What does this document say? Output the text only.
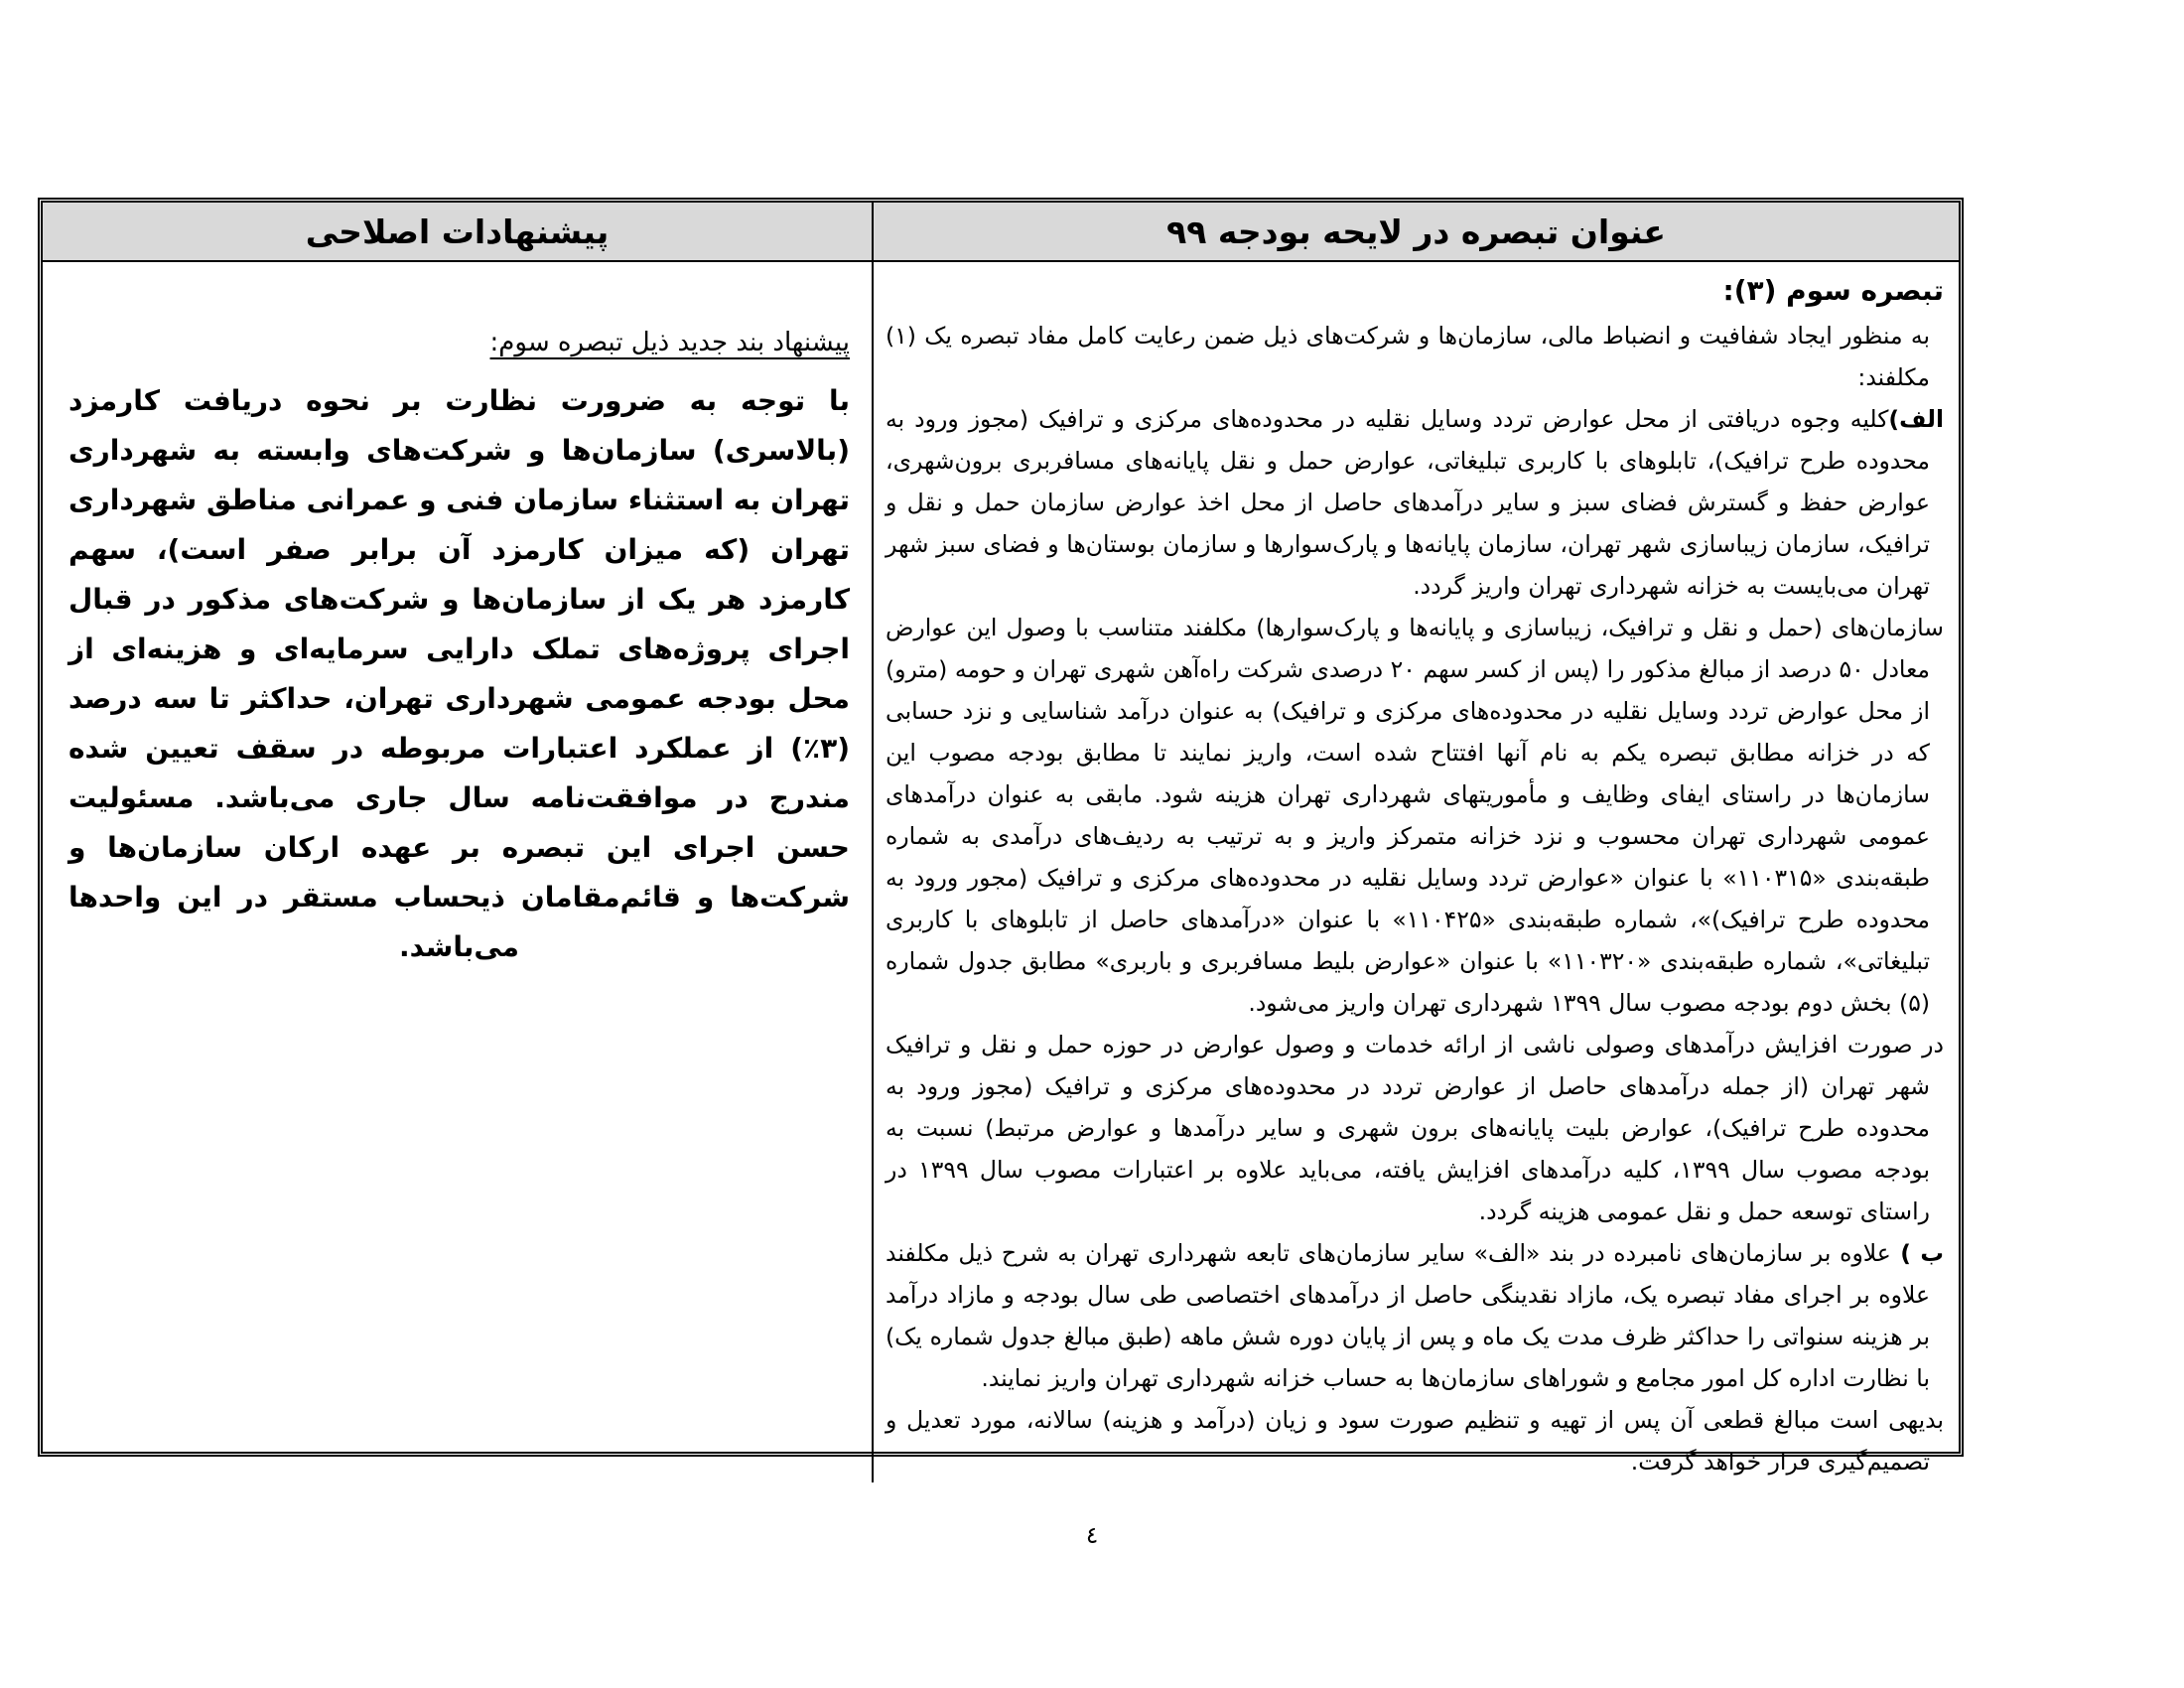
عنوان تبصره در لایحه بودجه ۹۹
پیشنهادات اصلاحی

تبصره سوم (۳):

به منظور ایجاد شفافیت و انضباط مالی، سازمان‌ها و شرکت‌های ذیل ضمن رعایت کامل مفاد تبصره یک (۱) مکلفند:

الف)کلیه وجوه دریافتی از محل عوارض تردد وسایل نقلیه در محدوده‌های مرکزی و ترافیک (مجوز ورود به محدوده طرح ترافیک)، تابلوهای با کاربری تبلیغاتی، عوارض حمل و نقل پایانه‌های مسافربری برون‌شهری، عوارض حفظ و گسترش فضای سبز و سایر درآمدهای حاصل از محل اخذ عوارض سازمان حمل و نقل و ترافیک، سازمان زیباسازی شهر تهران، سازمان پایانه‌ها و پارک‌سوارها و سازمان بوستان‌ها و فضای سبز شهر تهران می‌بایست به خزانه شهرداری تهران واریز گردد.

سازمان‌های (حمل و نقل و ترافیک، زیباسازی و پایانه‌ها و پارک‌سوارها) مکلفند متناسب با وصول این عوارض معادل ۵۰ درصد از مبالغ مذکور را (پس از کسر سهم ۲۰ درصدی شرکت راه‌آهن شهری تهران و حومه (مترو) از محل عوارض تردد وسایل نقلیه در محدوده‌های مرکزی و ترافیک) به عنوان درآمد شناسایی و نزد حسابی که در خزانه مطابق تبصره یکم به نام آنها افتتاح شده است، واریز نمایند تا مطابق بودجه مصوب این سازمان‌ها در راستای ایفای وظایف و مأموریتهای شهرداری تهران هزینه شود. مابقی به عنوان درآمدهای عمومی شهرداری تهران محسوب و نزد خزانه متمرکز واریز و به ترتیب به ردیف‌های درآمدی به شماره طبقه‌بندی «۱۱۰۳۱۵» با عنوان «عوارض تردد وسایل نقلیه در محدوده‌های مرکزی و ترافیک (مجور ورود به محدوده طرح ترافیک)»، شماره طبقه‌بندی «۱۱۰۴۲۵» با عنوان «درآمدهای حاصل از تابلوهای با کاربری تبلیغاتی»، شماره طبقه‌بندی «۱۱۰۳۲۰» با عنوان «عوارض بلیط مسافربری و باربری» مطابق جدول شماره (۵) بخش دوم بودجه مصوب سال ۱۳۹۹ شهرداری تهران واریز می‌شود.

در صورت افزایش درآمدهای وصولی ناشی از ارائه خدمات و وصول عوارض در حوزه حمل و نقل و ترافیک شهر تهران (از جمله درآمدهای حاصل از عوارض تردد در محدوده‌های مرکزی و ترافیک (مجوز ورود به محدوده طرح ترافیک)، عوارض بلیت پایانه‌های برون شهری و سایر درآمدها و عوارض مرتبط) نسبت به بودجه مصوب سال ۱۳۹۹، کلیه درآمدهای افزایش یافته، می‌باید علاوه بر اعتبارات مصوب سال ۱۳۹۹ در راستای توسعه حمل و نقل عمومی هزینه گردد.

ب ) علاوه بر سازمان‌های نامبرده در بند «الف» سایر سازمان‌های تابعه شهرداری تهران به شرح ذیل مکلفند علاوه بر اجرای مفاد تبصره یک، مازاد نقدینگی حاصل از درآمدهای اختصاصی طی سال بودجه و مازاد درآمد بر هزینه سنواتی را حداکثر ظرف مدت یک ماه و پس از پایان دوره شش ماهه (طبق مبالغ جدول شماره یک) با نظارت اداره کل امور مجامع و شوراهای سازمان‌ها به حساب خزانه شهرداری تهران واریز نمایند.

بدیهی است مبالغ قطعی آن پس از تهیه و تنظیم صورت سود و زیان (درآمد و هزینه) سالانه، مورد تعدیل و تصمیم‌گیری قرار خواهد گرفت.

پیشنهاد بند جدید ذیل تبصره سوم:

با توجه به ضرورت نظارت بر نحوه دریافت کارمزد (بالاسری) سازمان‌ها و شرکت‌های وابسته به شهرداری تهران به استثناء سازمان فنی و عمرانی مناطق شهرداری تهران (که میزان کارمزد آن برابر صفر است)، سهم کارمزد هر یک از سازمان‌ها و شرکت‌های مذکور در قبال اجرای پروژه‌های تملک دارایی سرمایه‌ای و هزینه‌ای از محل بودجه عمومی شهرداری تهران، حداکثر تا سه درصد (۳٪) از عملکرد اعتبارات مربوطه در سقف تعیین شده مندرج در موافقت‌نامه سال جاری می‌باشد. مسئولیت حسن اجرای این تبصره بر عهده ارکان سازمان‌ها و شرکت‌ها و قائم‌مقامان ذیحساب مستقر در این واحدها می‌باشد.

٤
